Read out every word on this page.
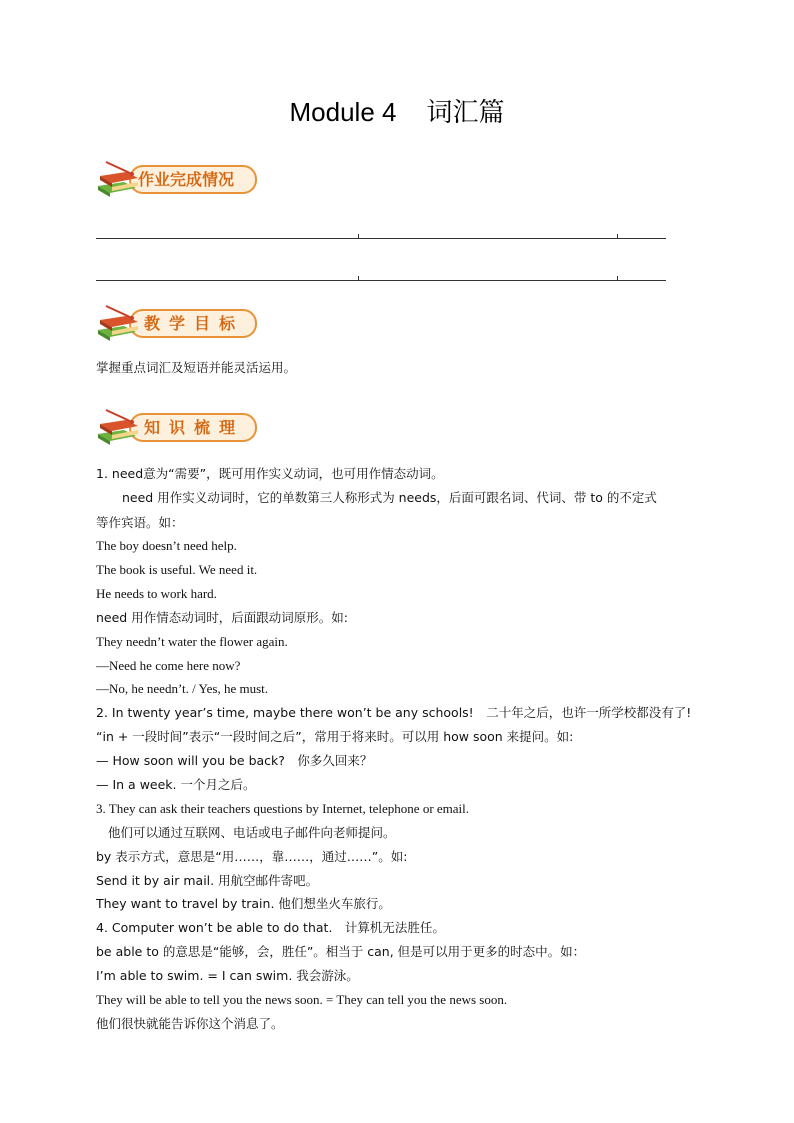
Module 4 词汇篇
作业完成情况
教学目标
掌握重点词汇及短语并能灵活运用。
知识梳理
1. need意为“需要”，既可用作实义动词，也可用作情态动词。
need 用作实义动词时，它的单数第三人称形式为 needs，后面可跟名词、代词、带 to 的不定式
等作宾语。如：
The boy doesn’t need help.
The book is useful. We need it.
He needs to work hard.
need 用作情态动词时，后面跟动词原形。如:
They needn’t water the flower again.
—Need he come here now?
—No, he needn’t. / Yes, he must.
2. In twenty year’s time, maybe there won’t be any schools!　二十年之后，也许一所学校都没有了!
“in + 一段时间”表示“一段时间之后”，常用于将来时。可以用 how soon 来提问。如:
— How soon will you be back?　你多久回来？
— In a week. 一个月之后。
3. They can ask their teachers questions by Internet, telephone or email.
他们可以通过互联网、电话或电子邮件向老师提问。
by 表示方式，意思是“用……，靠……，通过……”。如:
Send it by air mail. 用航空邮件寄吧。
They want to travel by train. 他们想坐火车旅行。
4. Computer won’t be able to do that.　计算机无法胜任。
be able to 的意思是“能够，会，胜任”。相当于 can, 但是可以用于更多的时态中。如：
I’m able to swim. = I can swim. 我会游泳。
They will be able to tell you the news soon. = They can tell you the news soon.
他们很快就能告诉你这个消息了。
